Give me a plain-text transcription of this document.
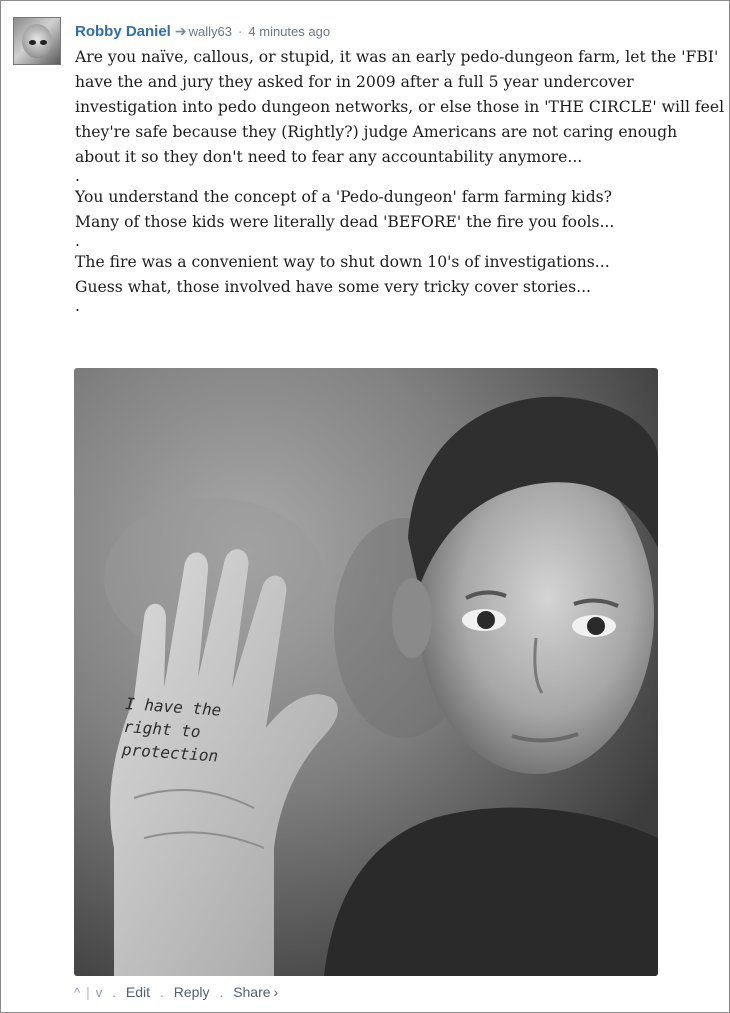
Robby Daniel ➔ wally63 · 4 minutes ago

Are you naïve, callous, or stupid, it was an early pedo-dungeon farm, let the 'FBI' have the and jury they asked for in 2009 after a full 5 year undercover investigation into pedo dungeon networks, or else those in 'THE CIRCLE' will feel they're safe because they (Rightly?) judge Americans are not caring enough about it so they don't need to fear any accountability anymore...

.

You understand the concept of a 'Pedo-dungeon' farm farming kids?
Many of those kids were literally dead 'BEFORE' the fire you fools...

.

The fire was a convenient way to shut down 10's of investigations...
Guess what, those involved have some very tricky cover stories...

.

I have the
right to
protection
^ | v . Edit . Reply . Share ›
